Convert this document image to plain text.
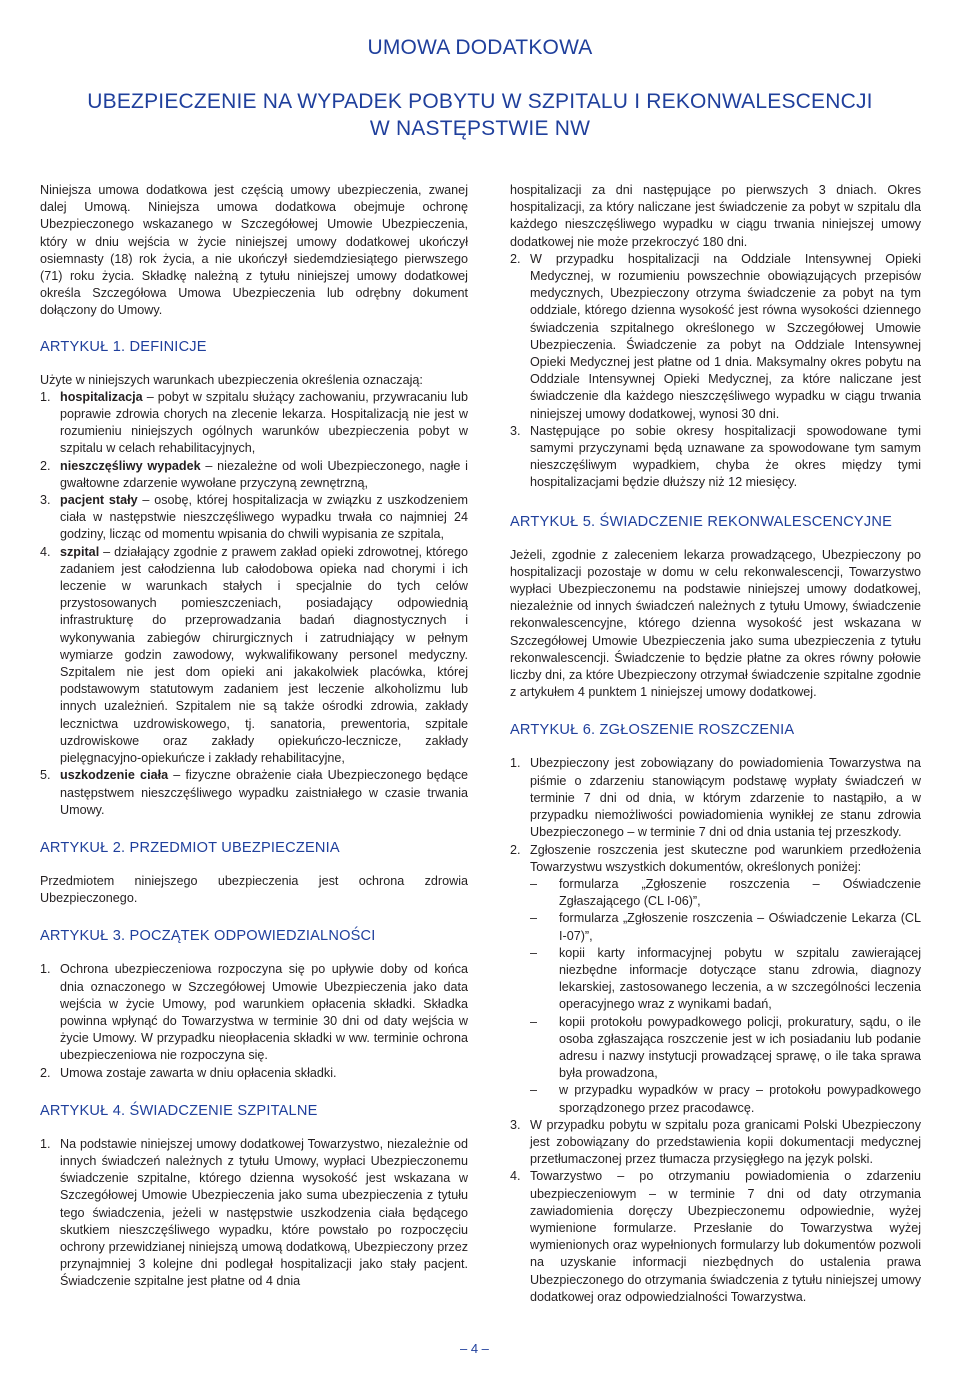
UMOWA DODATKOWA
UBEZPIECZENIE NA WYPADEK POBYTU W SZPITALU I REKONWALESCENCJI
W NASTĘPSTWIE NW

Niniejsza umowa dodatkowa jest częścią umowy ubezpieczenia, zwanej dalej Umową. Niniejsza umowa dodatkowa obejmuje ochronę Ubezpieczonego wskazanego w Szczegółowej Umowie Ubezpieczenia, który w dniu wejścia w życie niniejszej umowy dodatkowej ukończył osiemnasty (18) rok życia, a nie ukończył siedemdziesiątego pierwszego (71) roku życia. Składkę należną z tytułu niniejszej umowy dodatkowej określa Szczegółowa Umowa Ubezpieczenia lub odrębny dokument dołączony do Umowy.

ARTYKUŁ 1. DEFINICJE

Użyte w niniejszych warunkach ubezpieczenia określenia oznaczają:

1. hospitalizacja – pobyt w szpitalu służący zachowaniu, przywracaniu lub poprawie zdrowia chorych na zlecenie lekarza. Hospitalizacją nie jest w rozumieniu niniejszych ogólnych warunków ubezpieczenia pobyt w szpitalu w celach rehabilitacyjnych,
2. nieszczęśliwy wypadek – niezależne od woli Ubezpieczonego, nagłe i gwałtowne zdarzenie wywołane przyczyną zewnętrzną,
3. pacjent stały – osobę, której hospitalizacja w związku z uszkodzeniem ciała w następstwie nieszczęśliwego wypadku trwała co najmniej 24 godziny, licząc od momentu wpisania do chwili wypisania ze szpitala,
4. szpital – działający zgodnie z prawem zakład opieki zdrowotnej, którego zadaniem jest całodzienna lub całodobowa opieka nad chorymi i ich leczenie w warunkach stałych i specjalnie do tych celów przystosowanych pomieszczeniach, posiadający odpowiednią infrastrukturę do przeprowadzania badań diagnostycznych i wykonywania zabiegów chirurgicznych i zatrudniający w pełnym wymiarze godzin zawodowy, wykwalifikowany personel medyczny. Szpitalem nie jest dom opieki ani jakakolwiek placówka, której podstawowym statutowym zadaniem jest leczenie alkoholizmu lub innych uzależnień. Szpitalem nie są także ośrodki zdrowia, zakłady lecznictwa uzdrowiskowego, tj. sanatoria, prewentoria, szpitale uzdrowiskowe oraz zakłady opiekuńczo-lecznicze, zakłady pielęgnacyjno-opiekuńcze i zakłady rehabilitacyjne,
5. uszkodzenie ciała – fizyczne obrażenie ciała Ubezpieczonego będące następstwem nieszczęśliwego wypadku zaistniałego w czasie trwania Umowy.
ARTYKUŁ 2. PRZEDMIOT UBEZPIECZENIA

Przedmiotem niniejszego ubezpieczenia jest ochrona zdrowia Ubezpieczonego.

ARTYKUŁ 3. POCZĄTEK ODPOWIEDZIALNOŚCI
1. Ochrona ubezpieczeniowa rozpoczyna się po upływie doby od końca dnia oznaczonego w Szczegółowej Umowie Ubezpieczenia jako data wejścia w życie Umowy, pod warunkiem opłacenia składki. Składka powinna wpłynąć do Towarzystwa w terminie 30 dni od daty wejścia w życie Umowy. W przypadku nieopłacenia składki w ww. terminie ochrona ubezpieczeniowa nie rozpoczyna się.
2. Umowa zostaje zawarta w dniu opłacenia składki.
ARTYKUŁ 4. ŚWIADCZENIE SZPITALNE
1. Na podstawie niniejszej umowy dodatkowej Towarzystwo, niezależnie od innych świadczeń należnych z tytułu Umowy, wypłaci Ubezpieczonemu świadczenie szpitalne, którego dzienna wysokość jest wskazana w Szczegółowej Umowie Ubezpieczenia jako suma ubezpieczenia z tytułu tego świadczenia, jeżeli w następstwie uszkodzenia ciała będącego skutkiem nieszczęśliwego wypadku, które powstało po rozpoczęciu ochrony przewidzianej niniejszą umową dodatkową, Ubezpieczony przez przynajmniej 3 kolejne dni podlegał hospitalizacji jako stały pacjent. Świadczenie szpitalne jest płatne od 4 dnia
hospitalizacji za dni następujące po pierwszych 3 dniach. Okres hospitalizacji, za który naliczane jest świadczenie za pobyt w szpitalu dla każdego nieszczęśliwego wypadku w ciągu trwania niniejszej umowy dodatkowej nie może przekroczyć 180 dni.
2. W przypadku hospitalizacji na Oddziale Intensywnej Opieki Medycznej, w rozumieniu powszechnie obowiązujących przepisów medycznych, Ubezpieczony otrzyma świadczenie za pobyt na tym oddziale, którego dzienna wysokość jest równa wysokości dziennego świadczenia szpitalnego określonego w Szczegółowej Umowie Ubezpieczenia. Świadczenie za pobyt na Oddziale Intensywnej Opieki Medycznej jest płatne od 1 dnia. Maksymalny okres pobytu na Oddziale Intensywnej Opieki Medycznej, za które naliczane jest świadczenie dla każdego nieszczęśliwego wypadku w ciągu trwania niniejszej umowy dodatkowej, wynosi 30 dni.
3. Następujące po sobie okresy hospitalizacji spowodowane tymi samymi przyczynami będą uznawane za spowodowane tym samym nieszczęśliwym wypadkiem, chyba że okres między tymi hospitalizacjami będzie dłuższy niż 12 miesięcy.
ARTYKUŁ 5. ŚWIADCZENIE REKONWALESCENCYJNE

Jeżeli, zgodnie z zaleceniem lekarza prowadzącego, Ubezpieczony po hospitalizacji pozostaje w domu w celu rekonwalescencji, Towarzystwo wypłaci Ubezpieczonemu na podstawie niniejszej umowy dodatkowej, niezależnie od innych świadczeń należnych z tytułu Umowy, świadczenie rekonwalescencyjne, którego dzienna wysokość jest wskazana w Szczegółowej Umowie Ubezpieczenia jako suma ubezpieczenia z tytułu rekonwalescencji. Świadczenie to będzie płatne za okres równy połowie liczby dni, za które Ubezpieczony otrzymał świadczenie szpitalne zgodnie z artykułem 4 punktem 1 niniejszej umowy dodatkowej.

ARTYKUŁ 6. ZGŁOSZENIE ROSZCZENIA
1. Ubezpieczony jest zobowiązany do powiadomienia Towarzystwa na piśmie o zdarzeniu stanowiącym podstawę wypłaty świadczeń w terminie 7 dni od dnia, w którym zdarzenie to nastąpiło, a w przypadku niemożliwości powiadomienia wynikłej ze stanu zdrowia Ubezpieczonego – w terminie 7 dni od dnia ustania tej przeszkody.
2. Zgłoszenie roszczenia jest skuteczne pod warunkiem przedłożenia Towarzystwu wszystkich dokumentów, określonych poniżej:
– formularza „Zgłoszenie roszczenia – Oświadczenie Zgłaszającego (CL I-06)”,
– formularza „Zgłoszenie roszczenia – Oświadczenie Lekarza (CL I-07)”,
– kopii karty informacyjnej pobytu w szpitalu zawierającej niezbędne informacje dotyczące stanu zdrowia, diagnozy lekarskiej, zastosowanego leczenia, a w szczególności leczenia operacyjnego wraz z wynikami badań,
– kopii protokołu powypadkowego policji, prokuratury, sądu, o ile osoba zgłaszająca roszczenie jest w ich posiadaniu lub podanie adresu i nazwy instytucji prowadzącej sprawę, o ile taka sprawa była prowadzona,
– w przypadku wypadków w pracy – protokołu powypadkowego sporządzonego przez pracodawcę.
3. W przypadku pobytu w szpitalu poza granicami Polski Ubezpieczony jest zobowiązany do przedstawienia kopii dokumentacji medycznej przetłumaczonej przez tłumacza przysięgłego na język polski.
4. Towarzystwo – po otrzymaniu powiadomienia o zdarzeniu ubezpieczeniowym – w terminie 7 dni od daty otrzymania zawiadomienia doręczy Ubezpieczonemu odpowiednie, wyżej wymienione formularze. Przesłanie do Towarzystwa wyżej wymienionych oraz wypełnionych formularzy lub dokumentów pozwoli na uzyskanie informacji niezbędnych do ustalenia prawa Ubezpieczonego do otrzymania świadczenia z tytułu niniejszej umowy dodatkowej oraz odpowiedzialności Towarzystwa.
– 4 –
